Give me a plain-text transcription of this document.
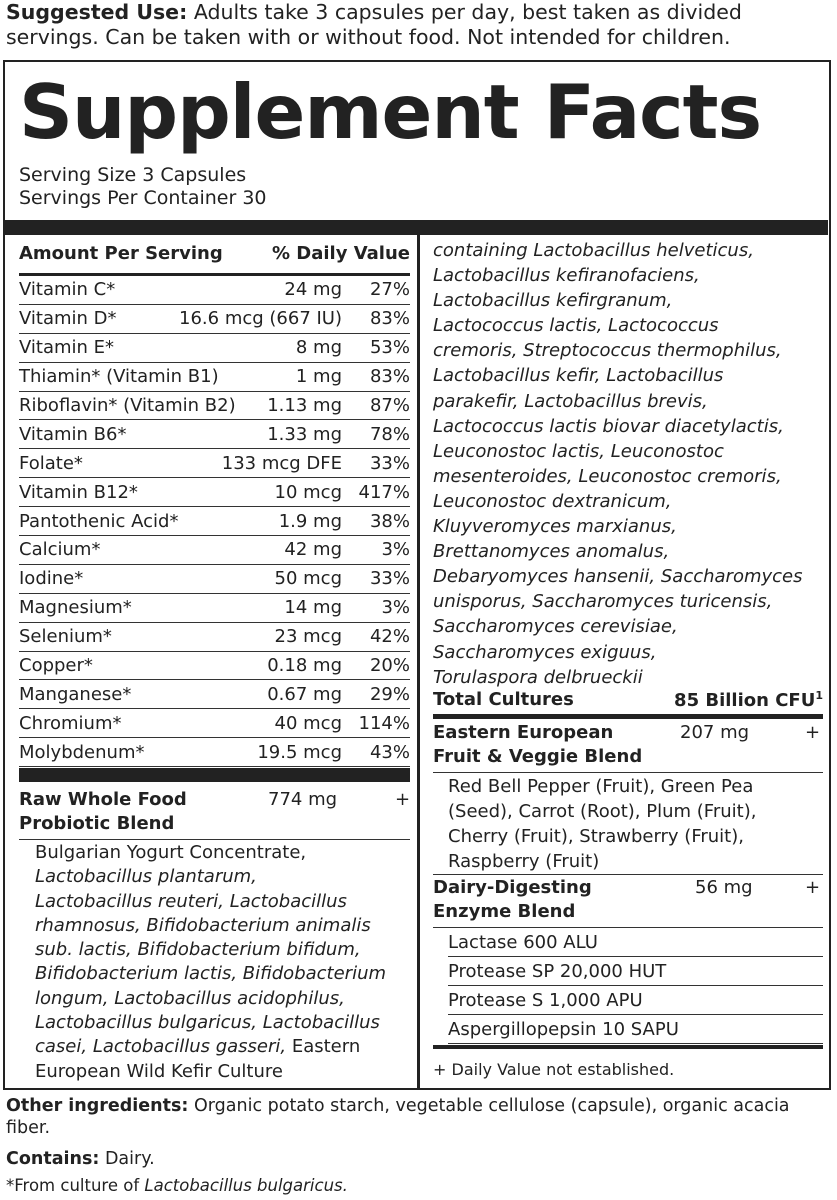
Suggested Use: Adults take 3 capsules per day, best taken as divided servings. Can be taken with or without food. Not intended for children.
Supplement Facts
Serving Size 3 Capsules
Servings Per Container 30
Amount Per Serving	% Daily Value
Vitamin C*	24 mg 27%
Vitamin D*	16.6 mcg (667 IU) 83%
Vitamin E*	8 mg 53%
Thiamin* (Vitamin B1)	1 mg 83%
Riboflavin* (Vitamin B2)	1.13 mg 87%
Vitamin B6*	1.33 mg 78%
Folate*	133 mcg DFE 33%
Vitamin B12*	10 mcg 417%
Pantothenic Acid*	1.9 mg 38%
Calcium*	42 mg 3%
Iodine*	50 mcg 33%
Magnesium*	14 mg 3%
Selenium*	23 mcg 42%
Copper*	0.18 mg 20%
Manganese*	0.67 mg 29%
Chromium*	40 mcg 114%
Molybdenum*	19.5 mcg 43%
Raw Whole Food
Probiotic Blend
774 mg	+
Bulgarian Yogurt Concentrate,
Lactobacillus plantarum,
Lactobacillus reuteri, Lactobacillus
rhamnosus, Bifidobacterium animalis
sub. lactis, Bifidobacterium bifidum,
Bifidobacterium lactis, Bifidobacterium
longum, Lactobacillus acidophilus,
Lactobacillus bulgaricus, Lactobacillus
casei, Lactobacillus gasseri, Eastern
European Wild Kefir Culture
containing Lactobacillus helveticus,
Lactobacillus kefiranofaciens,
Lactobacillus kefirgranum,
Lactococcus lactis, Lactococcus
cremoris, Streptococcus thermophilus,
Lactobacillus kefir, Lactobacillus
parakefir, Lactobacillus brevis,
Lactococcus lactis biovar diacetylactis,
Leuconostoc lactis, Leuconostoc
mesenteroides, Leuconostoc cremoris,
Leuconostoc dextranicum,
Kluyveromyces marxianus,
Brettanomyces anomalus,
Debaryomyces hansenii, Saccharomyces
unisporus, Saccharomyces turicensis,
Saccharomyces cerevisiae,
Saccharomyces exiguus,
Torulaspora delbrueckii
Total Cultures	85 Billion CFU$^1$
Eastern European
Fruit & Veggie Blend
207 mg	+
Red Bell Pepper (Fruit), Green Pea
(Seed), Carrot (Root), Plum (Fruit),
Cherry (Fruit), Strawberry (Fruit),
Raspberry (Fruit)
Dairy-Digesting
Enzyme Blend
56 mg	+
Lactase 600 ALU
Protease SP 20,000 HUT
Protease S 1,000 APU
Aspergillopepsin 10 SAPU
+ Daily Value not established.
Other ingredients: Organic potato starch, vegetable cellulose (capsule), organic acacia fiber.
Contains: Dairy.
*From culture of Lactobacillus bulgaricus.
